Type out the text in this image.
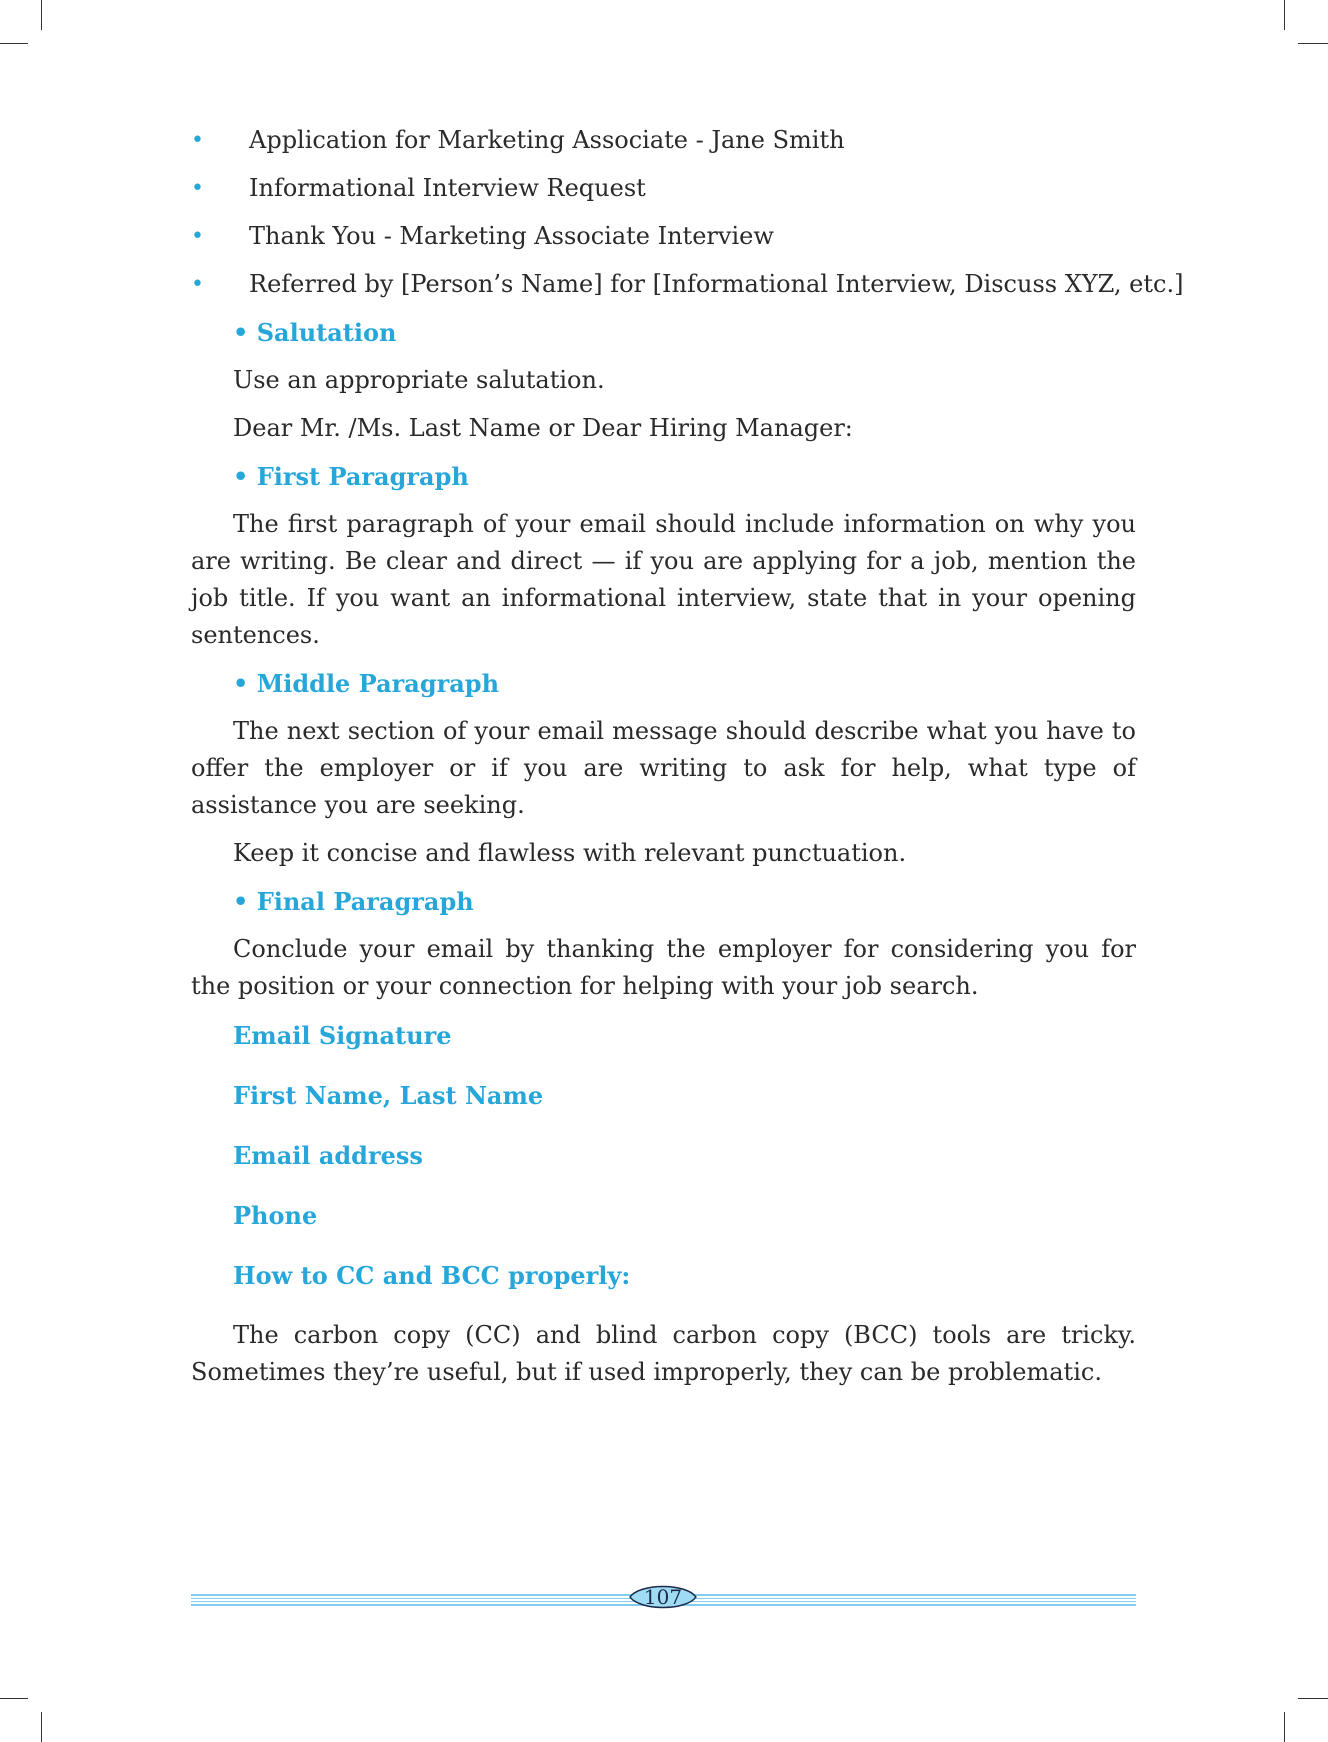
• Application for Marketing Associate - Jane Smith
• Informational Interview Request
• Thank You - Marketing Associate Interview
• Referred by [Person’s Name] for [Informational Interview, Discuss XYZ, etc.]
• Salutation
Use an appropriate salutation.
Dear Mr. /Ms. Last Name or Dear Hiring Manager:
• First Paragraph

The first paragraph of your email should include information on why you are writing. Be clear and direct — if you are applying for a job, mention the job title. If you want an informational interview, state that in your opening sentences.

• Middle Paragraph

The next section of your email message should describe what you have to offer the employer or if you are writing to ask for help, what type of assistance you are seeking.

Keep it concise and flawless with relevant punctuation.
• Final Paragraph

Conclude your email by thanking the employer for considering you for the position or your connection for helping with your job search.

Email Signature
First Name, Last Name
Email address
Phone
How to CC and BCC properly:

The carbon copy (CC) and blind carbon copy (BCC) tools are tricky. Sometimes they’re useful, but if used improperly, they can be problematic.

107
